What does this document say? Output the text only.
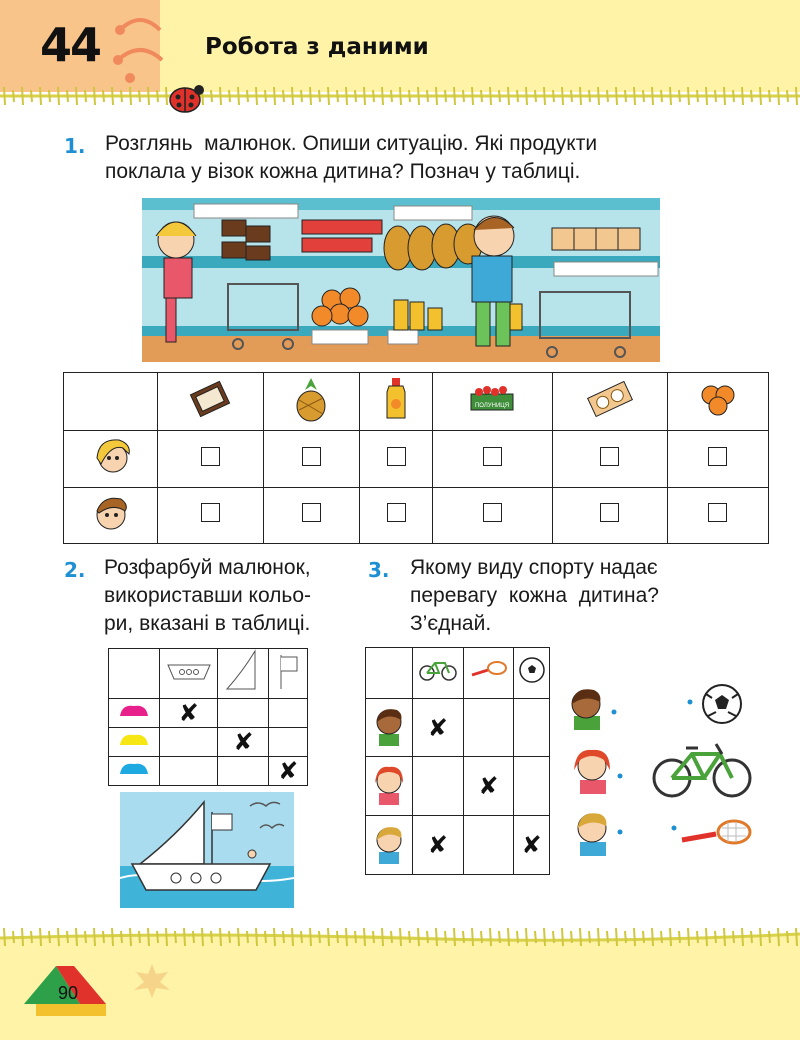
44	Робота з даними
1. Розглянь  малюнок. Опиши ситуацію. Які продукти
поклала у візок кожна дитина? Познач у таблиці.

ПОЛУНИЦЯ

2. Розфарбуй малюнок,
використавши кольо-
ри, вказані в таблиці.

	✘		
		✘	
			✘
3. Якому виду спорту надає
перевагу  кожна  дитина?
З’єднай.

	✘		
		✘	
	✘		✘
90
